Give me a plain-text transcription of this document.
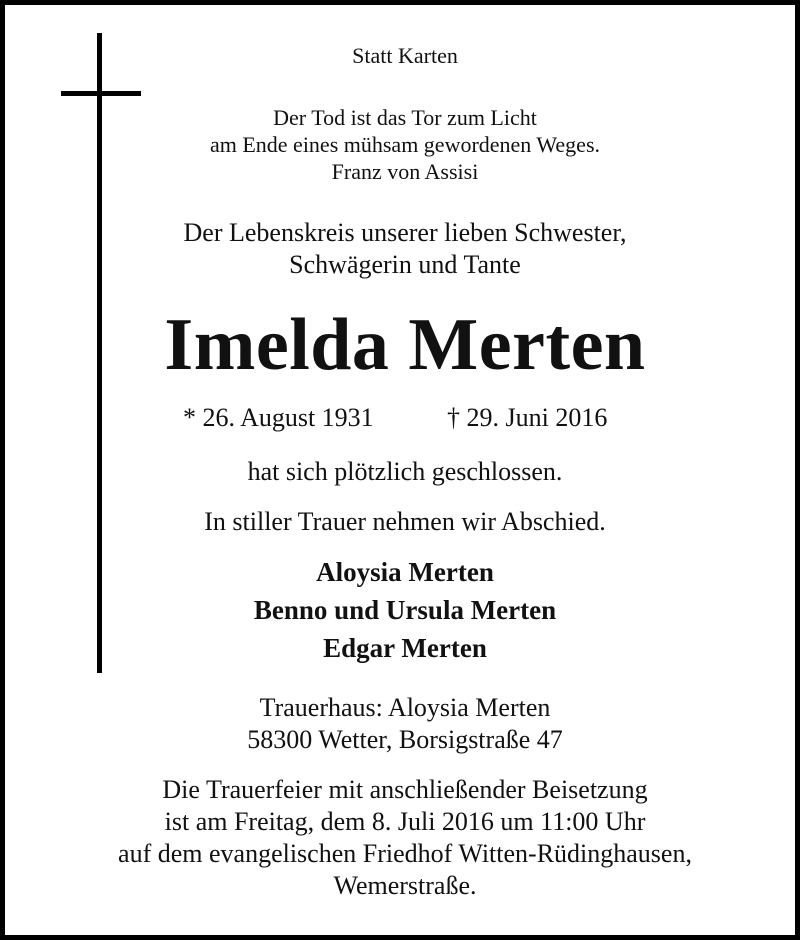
Statt Karten
Der Tod ist das Tor zum Licht
am Ende eines mühsam gewordenen Weges.
Franz von Assisi
Der Lebenskreis unserer lieben Schwester,
Schwägerin und Tante
Imelda Merten
* 26. August 1931	† 29. Juni 2016
hat sich plötzlich geschlossen.
In stiller Trauer nehmen wir Abschied.
Aloysia Merten
Benno und Ursula Merten
Edgar Merten
Trauerhaus: Aloysia Merten
58300 Wetter, Borsigstraße 47
Die Trauerfeier mit anschließender Beisetzung
ist am Freitag, dem 8. Juli 2016 um 11:00 Uhr
auf dem evangelischen Friedhof Witten-Rüdinghausen,
Wemerstraße.
